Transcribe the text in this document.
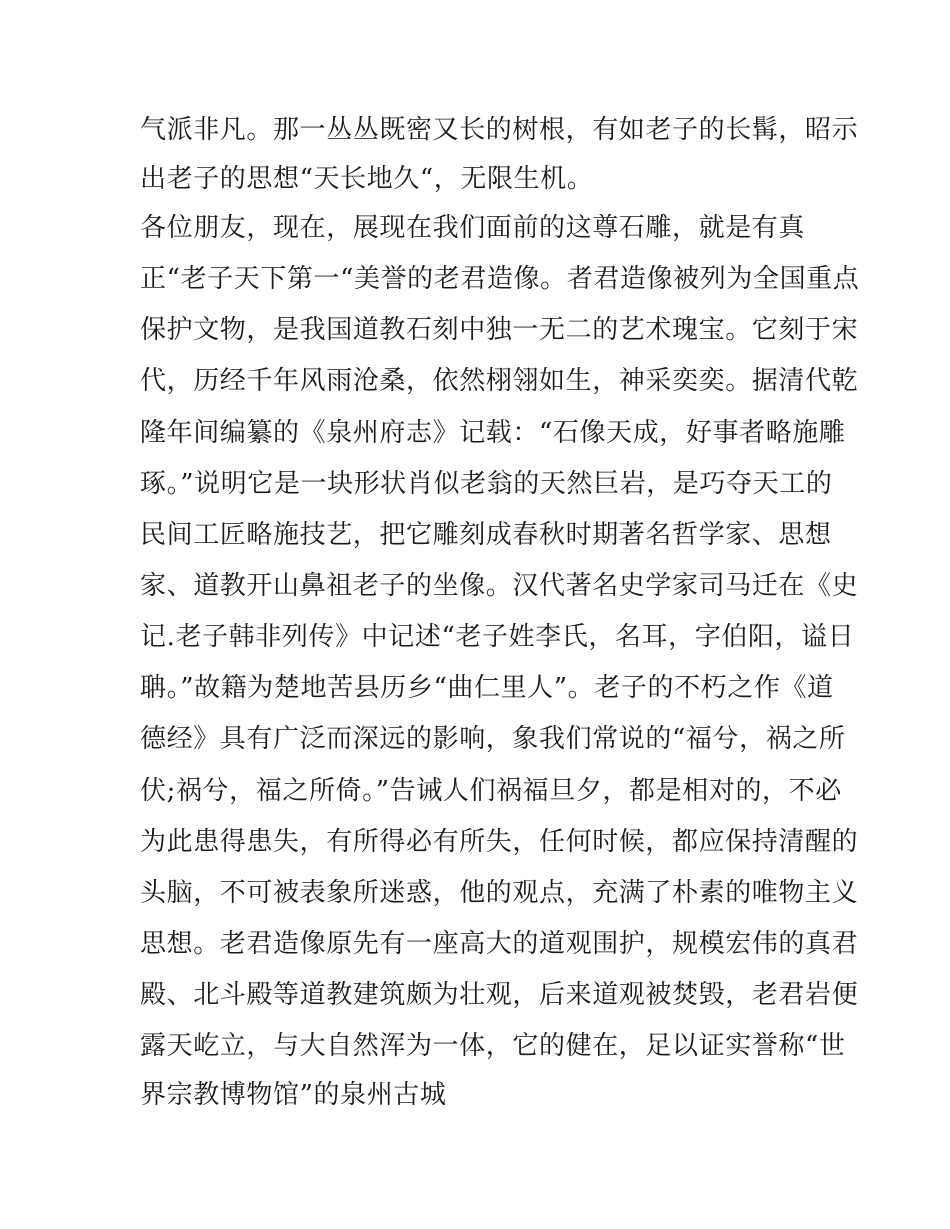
气派非凡。那一丛丛既密又长的树根，有如老子的长髯，昭示
出老子的思想“天长地久“，无限生机。
各位朋友，现在，展现在我们面前的这尊石雕，就是有真
正“老子天下第一“美誉的老君造像。者君造像被列为全国重点
保护文物，是我国道教石刻中独一无二的艺术瑰宝。它刻于宋
代，历经千年风雨沧桑，依然栩翎如生，神采奕奕。据清代乾
隆年间编纂的《泉州府志》记载：“石像天成，好事者略施雕
琢。”说明它是一块形状肖似老翁的天然巨岩，是巧夺天工的
民间工匠略施技艺，把它雕刻成春秋时期著名哲学家、思想
家、道教开山鼻祖老子的坐像。汉代著名史学家司马迁在《史
记.老子韩非列传》中记述“老子姓李氏，名耳，字伯阳，谥日
聃。”故籍为楚地苦县历乡“曲仁里人”。老子的不朽之作《道
德经》具有广泛而深远的影响，象我们常说的“福兮，祸之所
伏;祸兮，福之所倚。”告诫人们祸福旦夕，都是相对的，不必
为此患得患失，有所得必有所失，任何时候，都应保持清醒的
头脑，不可被表象所迷惑，他的观点，充满了朴素的唯物主义
思想。老君造像原先有一座高大的道观围护，规模宏伟的真君
殿、北斗殿等道教建筑颇为壮观，后来道观被焚毁，老君岩便
露天屹立，与大自然浑为一体，它的健在，足以证实誉称“世
界宗教博物馆”的泉州古城
